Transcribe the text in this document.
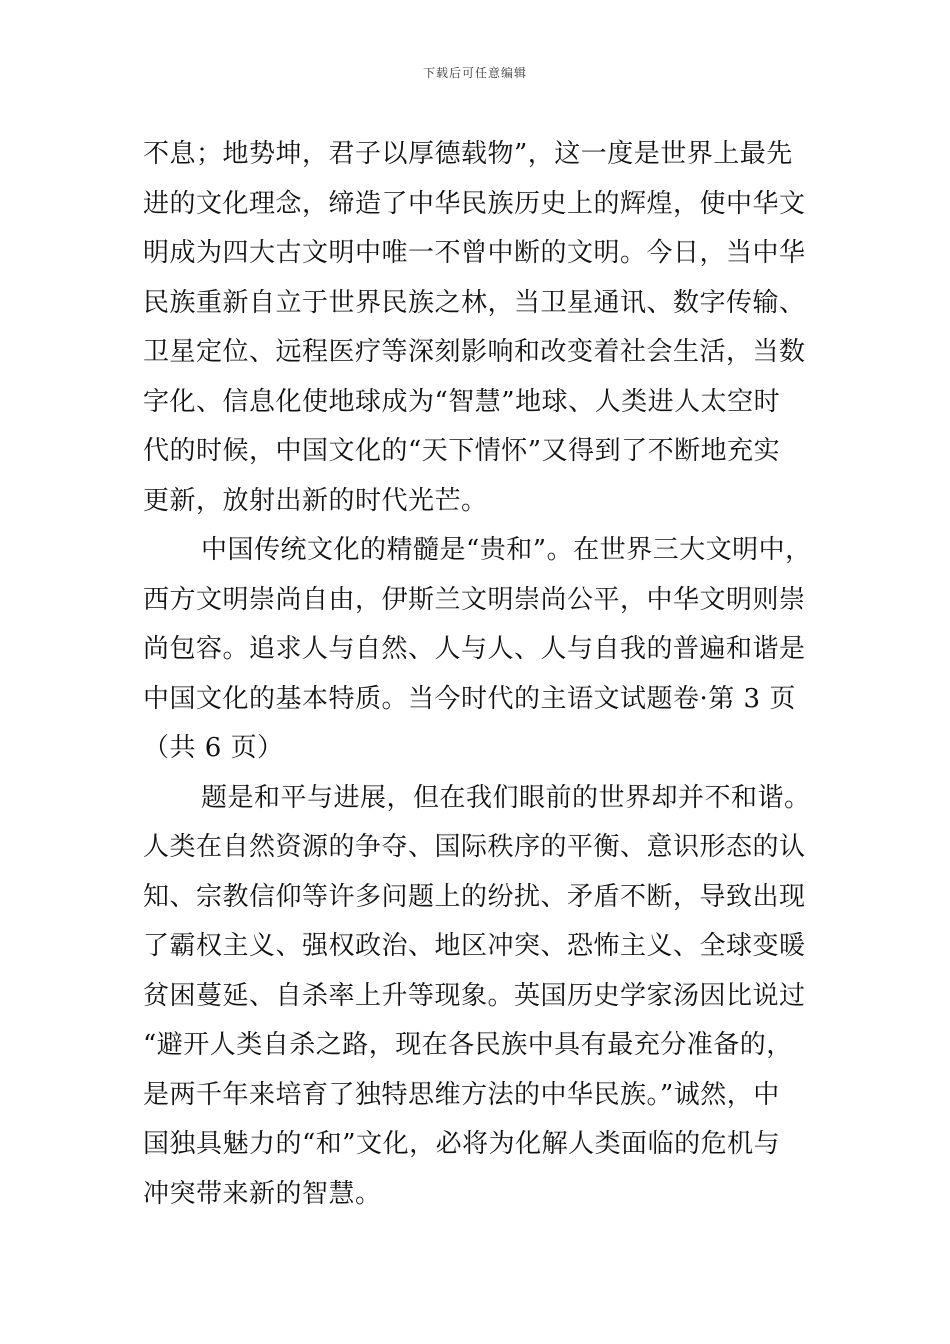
下载后可任意编辑
不息；地势坤，君子以厚德载物”，这一度是世界上最先
进的文化理念，缔造了中华民族历史上的辉煌，使中华文
明成为四大古文明中唯一不曾中断的文明。今日，当中华
民族重新自立于世界民族之林，当卫星通讯、数字传输、
卫星定位、远程医疗等深刻影响和改变着社会生活，当数
字化、信息化使地球成为“智慧”地球、人类进人太空时
代的时候，中国文化的“天下情怀”又得到了不断地充实
更新，放射出新的时代光芒。
中国传统文化的精髓是“贵和”。在世界三大文明中，
西方文明崇尚自由，伊斯兰文明崇尚公平，中华文明则崇
尚包容。追求人与自然、人与人、人与自我的普遍和谐是
中国文化的基本特质。当今时代的主语文试题卷·第 3 页
（共 6 页）
题是和平与进展，但在我们眼前的世界却并不和谐。
人类在自然资源的争夺、国际秩序的平衡、意识形态的认
知、宗教信仰等许多问题上的纷扰、矛盾不断，导致出现
了霸权主义、强权政治、地区冲突、恐怖主义、全球变暖
贫困蔓延、自杀率上升等现象。英国历史学家汤因比说过
“避开人类自杀之路，现在各民族中具有最充分准备的，
是两千年来培育了独特思维方法的中华民族。”诚然，中
国独具魅力的“和”文化，必将为化解人类面临的危机与
冲突带来新的智慧。
